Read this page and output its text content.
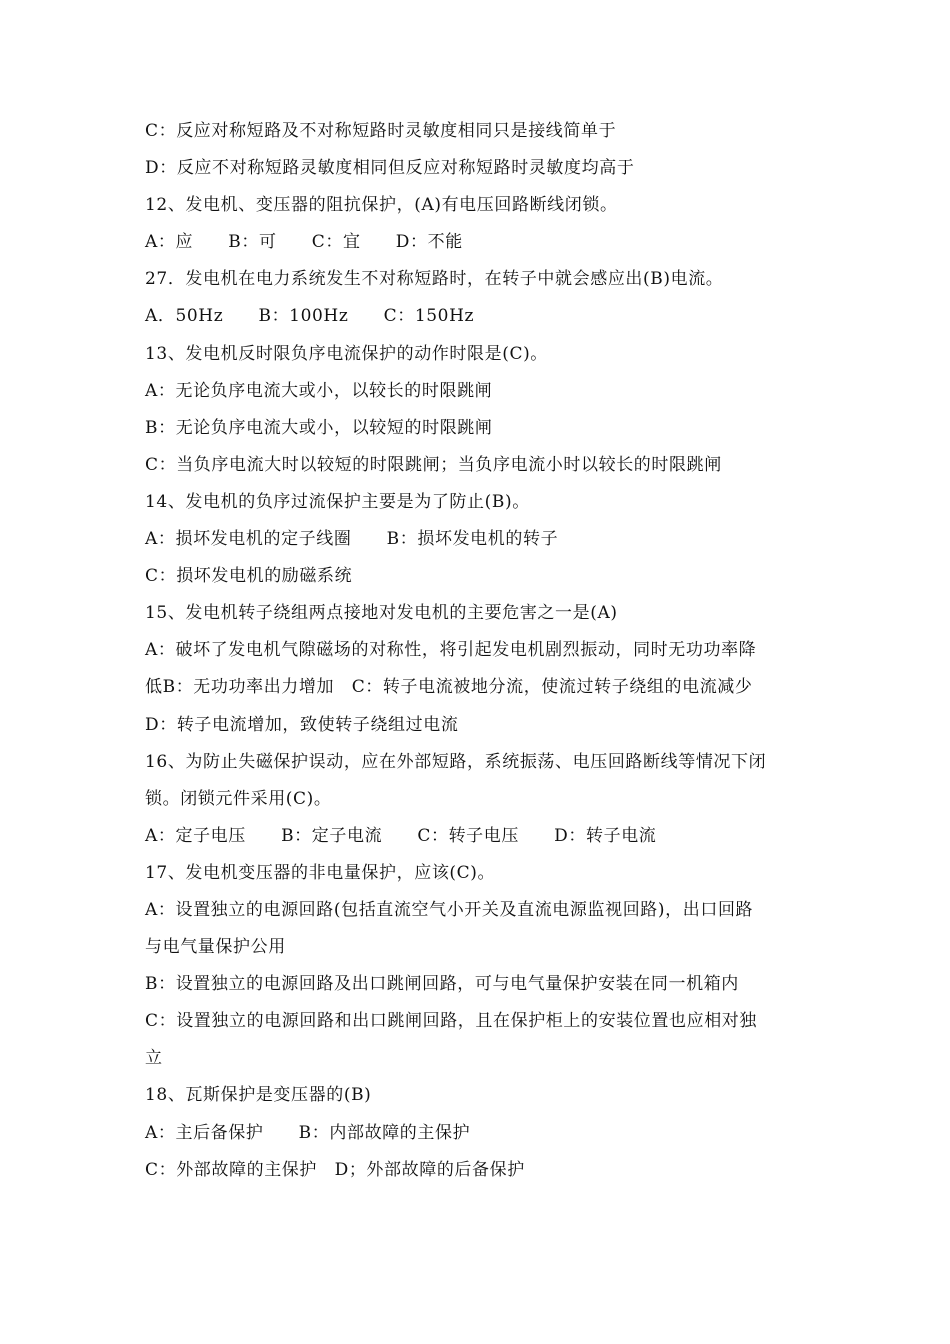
C：反应对称短路及不对称短路时灵敏度相同只是接线简单于
D：反应不对称短路灵敏度相同但反应对称短路时灵敏度均高于
12、发电机、变压器的阻抗保护，(A)有电压回路断线闭锁。
A：应　　B：可　　C：宜　　D：不能
27．发电机在电力系统发生不对称短路时，在转子中就会感应出(B)电流。
A．50Hz　　B：100Hz　　C：150Hz
13、发电机反时限负序电流保护的动作时限是(C)。
A：无论负序电流大或小，以较长的时限跳闸
B：无论负序电流大或小，以较短的时限跳闸
C：当负序电流大时以较短的时限跳闸；当负序电流小时以较长的时限跳闸
14、发电机的负序过流保护主要是为了防止(B)。
A：损坏发电机的定子线圈　　B：损坏发电机的转子
C：损坏发电机的励磁系统
15、发电机转子绕组两点接地对发电机的主要危害之一是(A)
A：破坏了发电机气隙磁场的对称性，将引起发电机剧烈振动，同时无功功率降
低B：无功功率出力增加　C：转子电流被地分流，使流过转子绕组的电流减少
D：转子电流增加，致使转子绕组过电流
16、为防止失磁保护误动，应在外部短路，系统振荡、电压回路断线等情况下闭
锁。闭锁元件采用(C)。
A：定子电压　　B：定子电流　　C：转子电压　　D：转子电流
17、发电机变压器的非电量保护，应该(C)。
A：设置独立的电源回路(包括直流空气小开关及直流电源监视回路)，出口回路
与电气量保护公用
B：设置独立的电源回路及出口跳闸回路，可与电气量保护安装在同一机箱内
C：设置独立的电源回路和出口跳闸回路，且在保护柜上的安装位置也应相对独
立
18、瓦斯保护是变压器的(B)
A：主后备保护　　B：内部故障的主保护
C：外部故障的主保护　D；外部故障的后备保护
